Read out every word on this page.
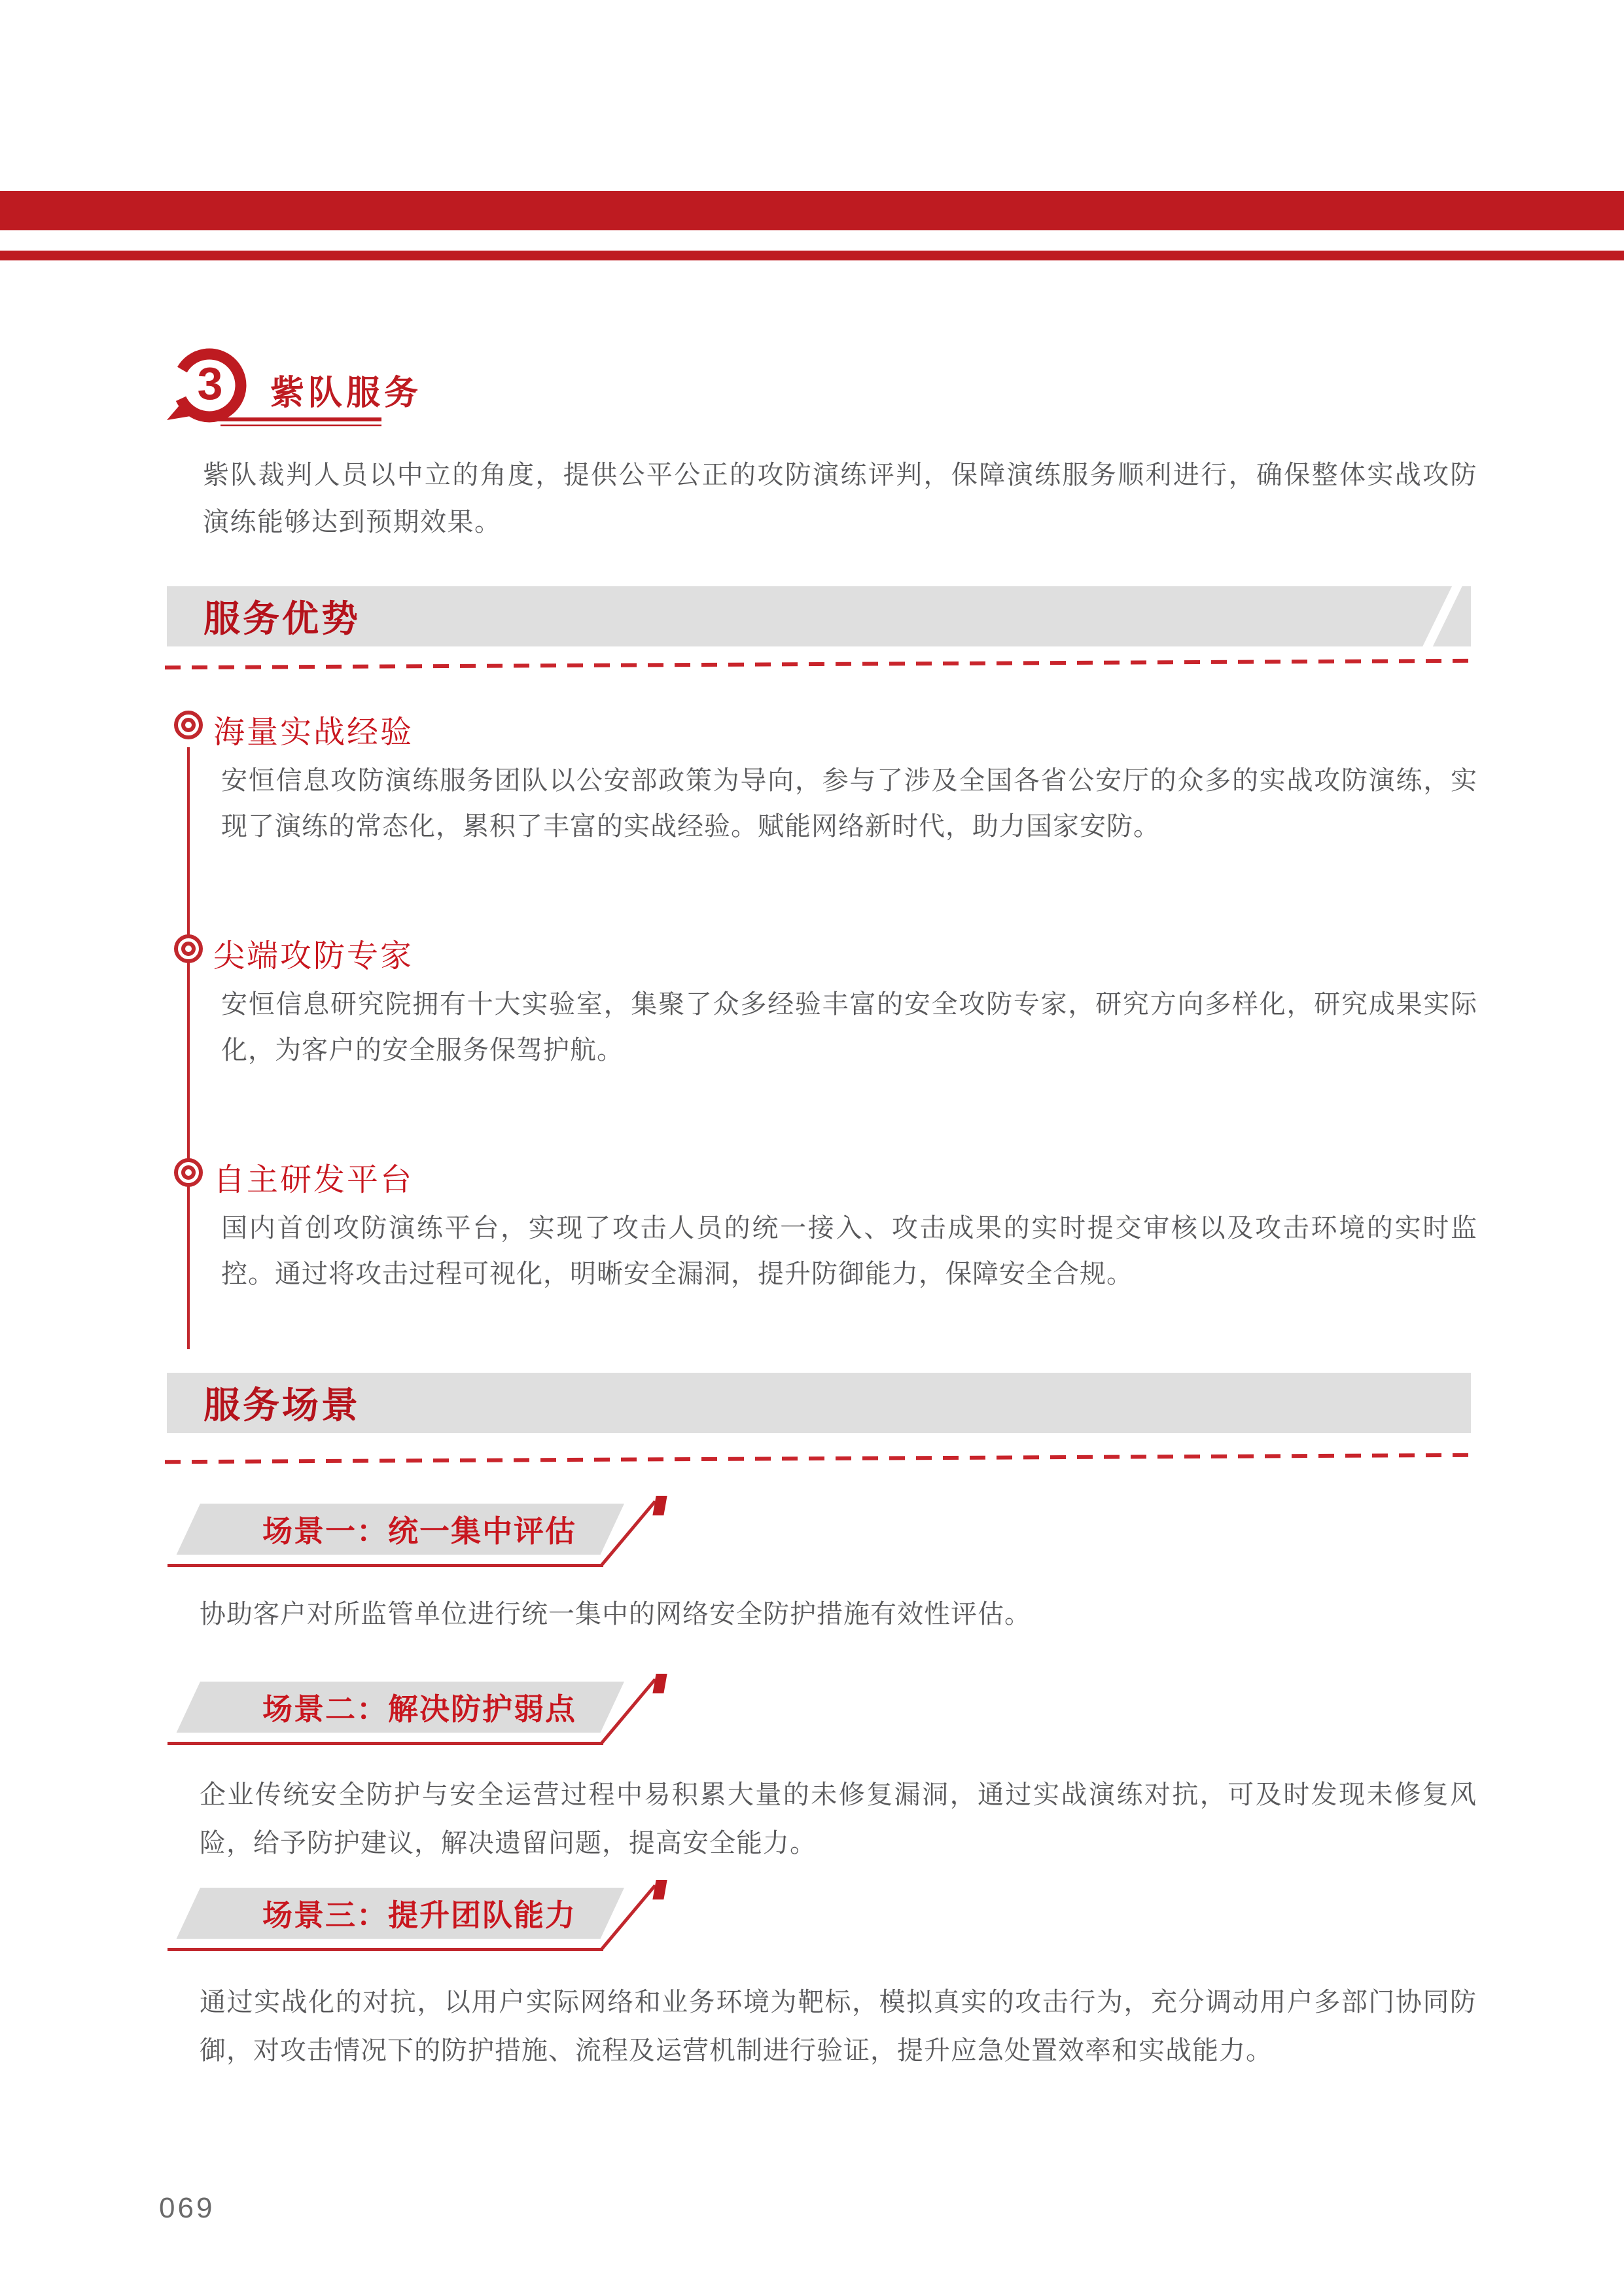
3	紫队服务

紫队裁判人员以中立的角度，提供公平公正的攻防演练评判，保障演练服务顺利进行，确保整体实战攻防演练能够达到预期效果。

服务优势
海量实战经验

安恒信息攻防演练服务团队以公安部政策为导向，参与了涉及全国各省公安厅的众多的实战攻防演练，实现了演练的常态化，累积了丰富的实战经验。赋能网络新时代，助力国家安防。

尖端攻防专家

安恒信息研究院拥有十大实验室，集聚了众多经验丰富的安全攻防专家，研究方向多样化，研究成果实际化，为客户的安全服务保驾护航。

自主研发平台

国内首创攻防演练平台，实现了攻击人员的统一接入、攻击成果的实时提交审核以及攻击环境的实时监控。通过将攻击过程可视化，明晰安全漏洞，提升防御能力，保障安全合规。

服务场景
场景一：统一集中评估

协助客户对所监管单位进行统一集中的网络安全防护措施有效性评估。

场景二：解决防护弱点

企业传统安全防护与安全运营过程中易积累大量的未修复漏洞，通过实战演练对抗，可及时发现未修复风险，给予防护建议，解决遗留问题，提高安全能力。

场景三：提升团队能力

通过实战化的对抗，以用户实际网络和业务环境为靶标，模拟真实的攻击行为，充分调动用户多部门协同防御，对攻击情况下的防护措施、流程及运营机制进行验证，提升应急处置效率和实战能力。

069
